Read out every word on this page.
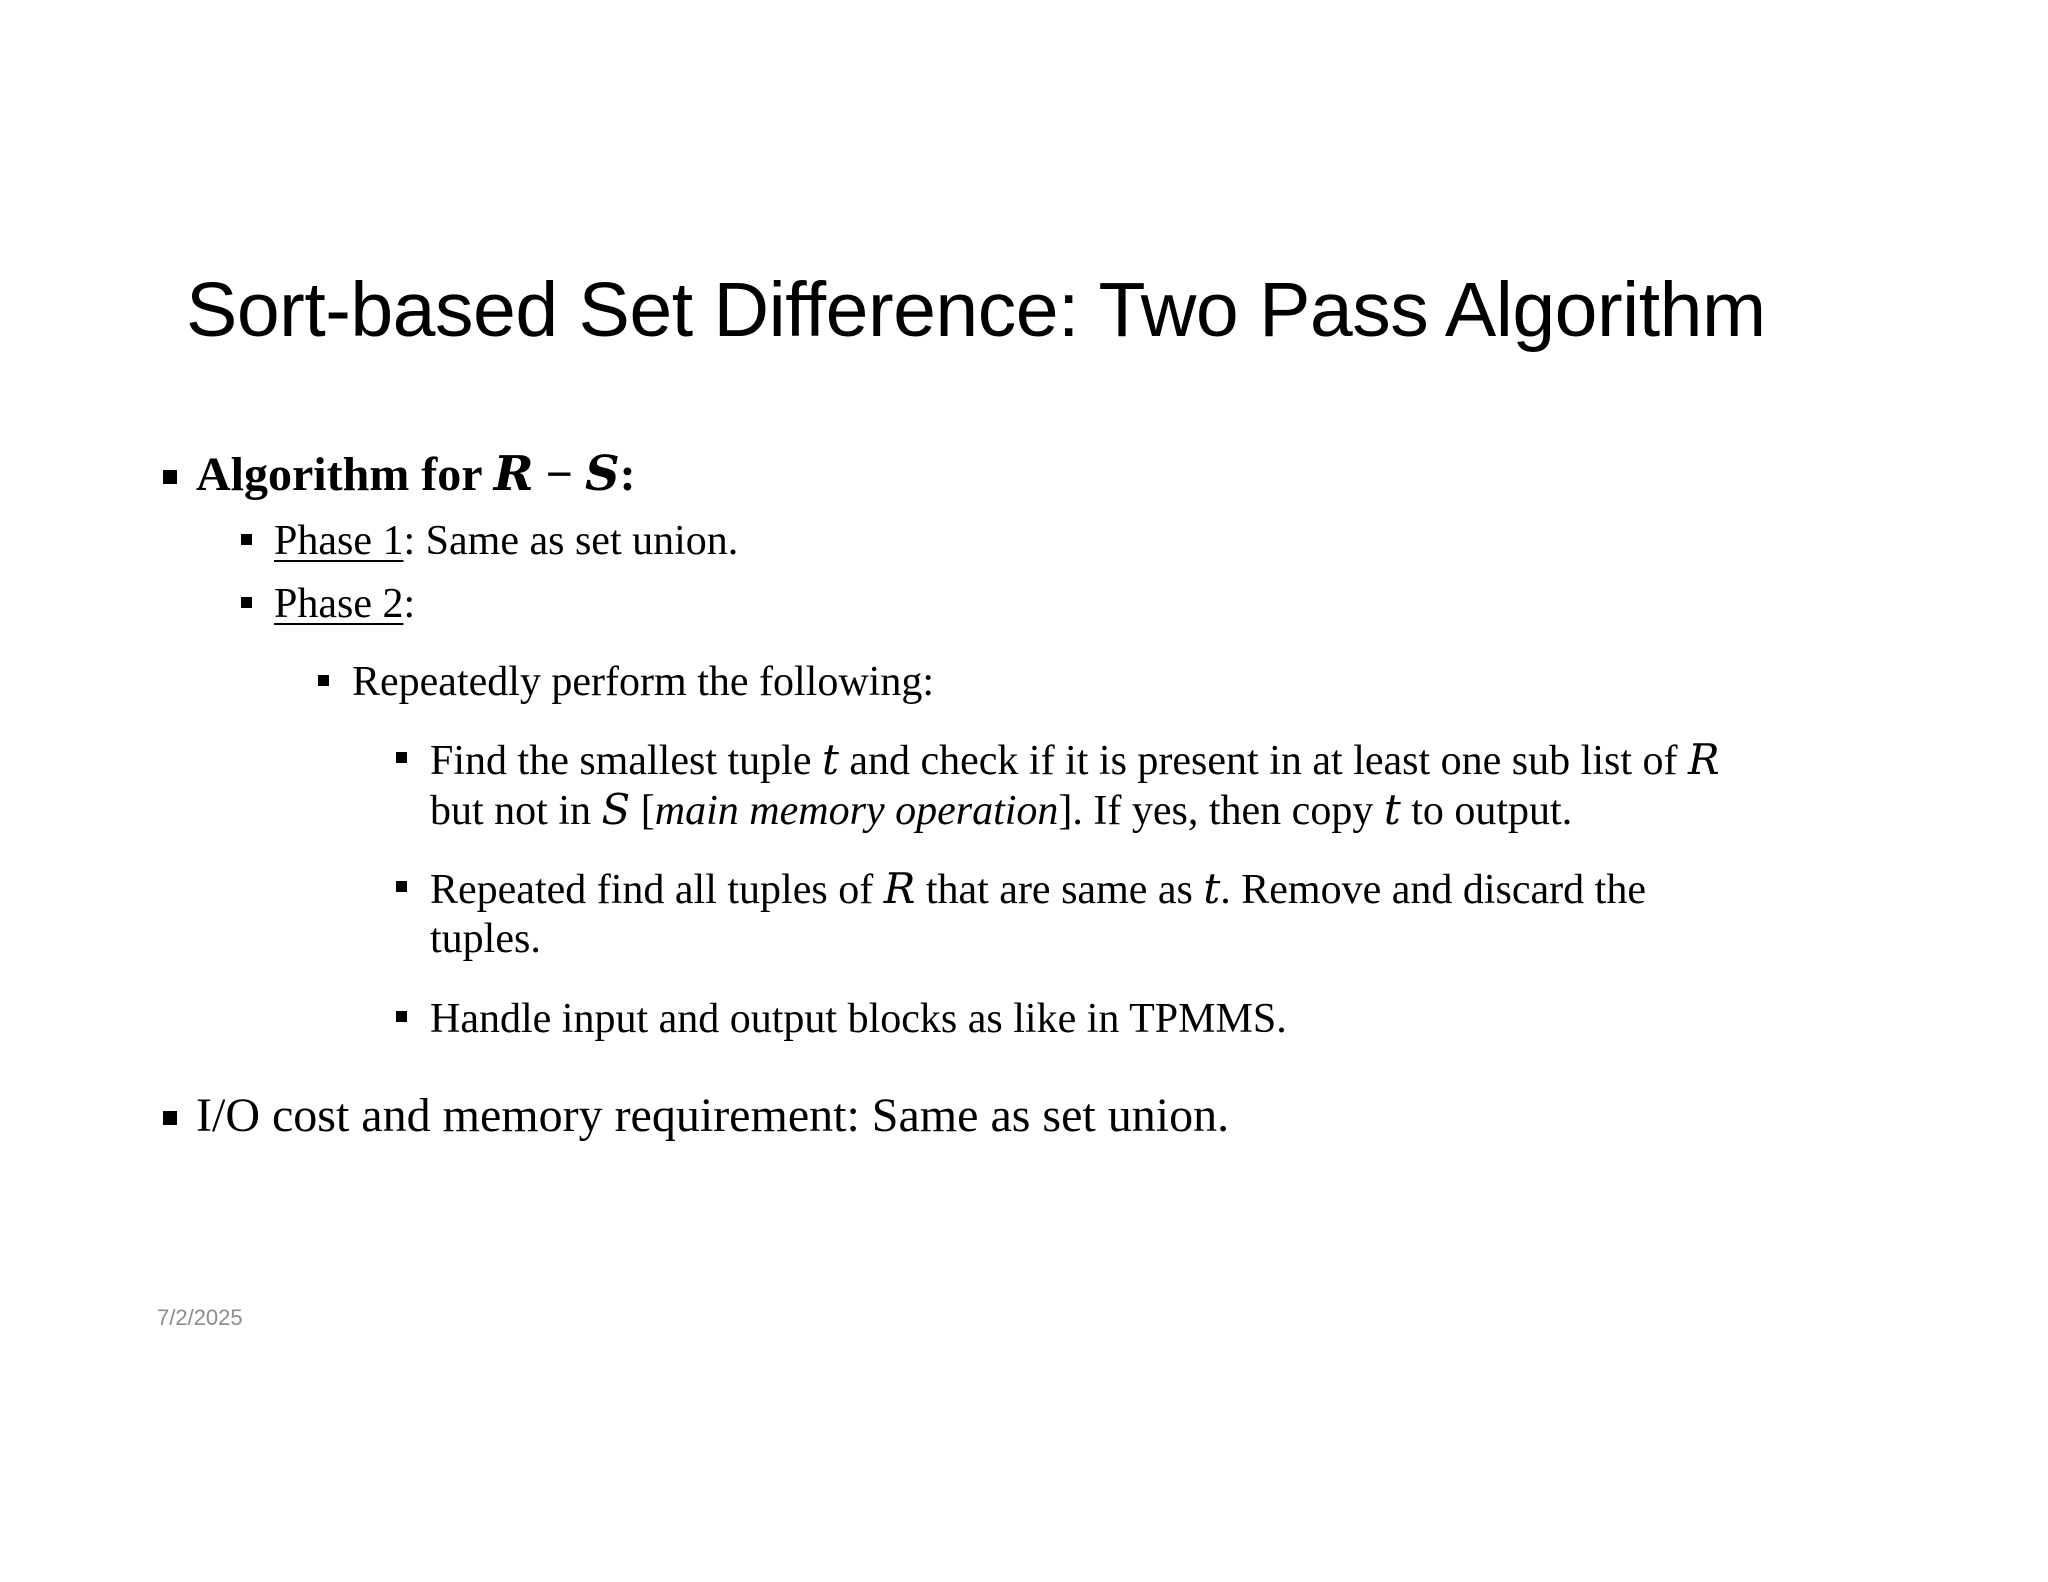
Sort-based Set Difference: Two Pass Algorithm
Algorithm for R − S:
Phase 1: Same as set union.
Phase 2:
Repeatedly perform the following:
Find the smallest tuple t and check if it is present in at least one sub list of R
but not in S [main memory operation]. If yes, then copy t to output.
Repeated find all tuples of R that are same as t. Remove and discard the
tuples.
Handle input and output blocks as like in TPMMS.
I/O cost and memory requirement: Same as set union.
7/2/2025
